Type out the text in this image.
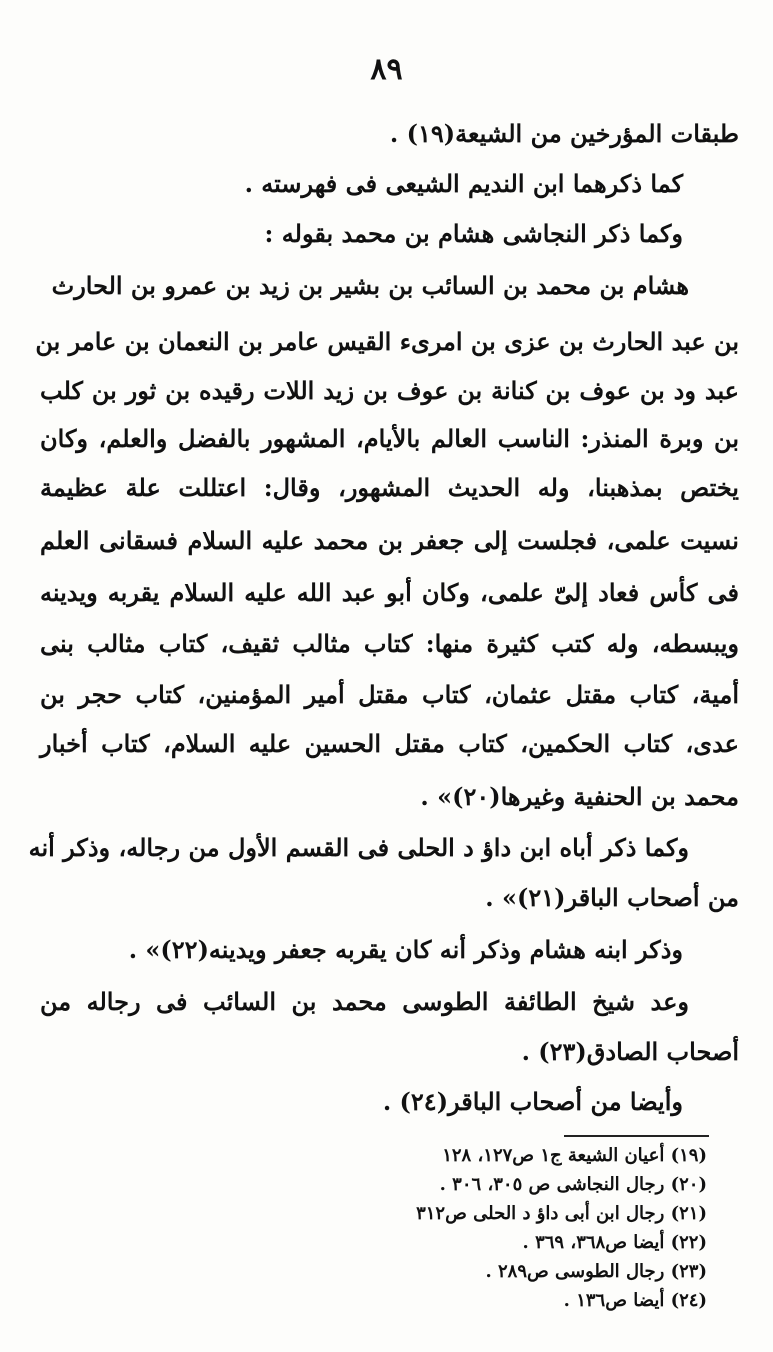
٨٩
طبقات المؤرخين من الشيعة(١٩) .
كما ذكرهما ابن النديم الشيعى فى فهرسته .
وكما ذكر النجاشى هشام بن محمد بقوله :
هشام بن محمد بن السائب بن بشير بن زيد بن عمرو بن الحارث
بن عبد الحارث بن عزى بن امرىء القيس عامر بن النعمان بن عامر بن
عبد ود بن عوف بن كنانة بن عوف بن زيد اللات رقيده بن ثور بن كلب
بن وبرة المنذر: الناسب العالم بالأيام، المشهور بالفضل والعلم، وكان
يختص بمذهبنا، وله الحديث المشهور، وقال: اعتللت علة عظيمة
نسيت علمى، فجلست إلى جعفر بن محمد عليه السلام فسقانى العلم
فى كأس فعاد إلىّ علمى، وكان أبو عبد الله عليه السلام يقربه ويدينه
ويبسطه، وله كتب كثيرة منها: كتاب مثالب ثقيف، كتاب مثالب بنى
أمية، كتاب مقتل عثمان، كتاب مقتل أمير المؤمنين، كتاب حجر بن
عدى، كتاب الحكمين، كتاب مقتل الحسين عليه السلام، كتاب أخبار
محمد بن الحنفية وغيرها(٢٠)» .
وكما ذكر أباه ابن داؤ د الحلى فى القسم الأول من رجاله، وذكر أنه
من أصحاب الباقر(٢١)» .
وذكر ابنه هشام وذكر أنه كان يقربه جعفر ويدينه(٢٢)» .
وعد شيخ الطائفة الطوسى محمد بن السائب فى رجاله من
أصحاب الصادق(٢٣) .
وأيضا من أصحاب الباقر(٢٤) .
(١٩) أعيان الشيعة ج١ ص١٢٧، ١٢٨
(٢٠) رجال النجاشى ص ٣٠٥، ٣٠٦ .
(٢١) رجال ابن أبى داؤ د الحلى ص٣١٢
(٢٢) أيضا ص٣٦٨، ٣٦٩ .
(٢٣) رجال الطوسى ص٢٨٩ .
(٢٤) أيضا ص١٣٦ .
